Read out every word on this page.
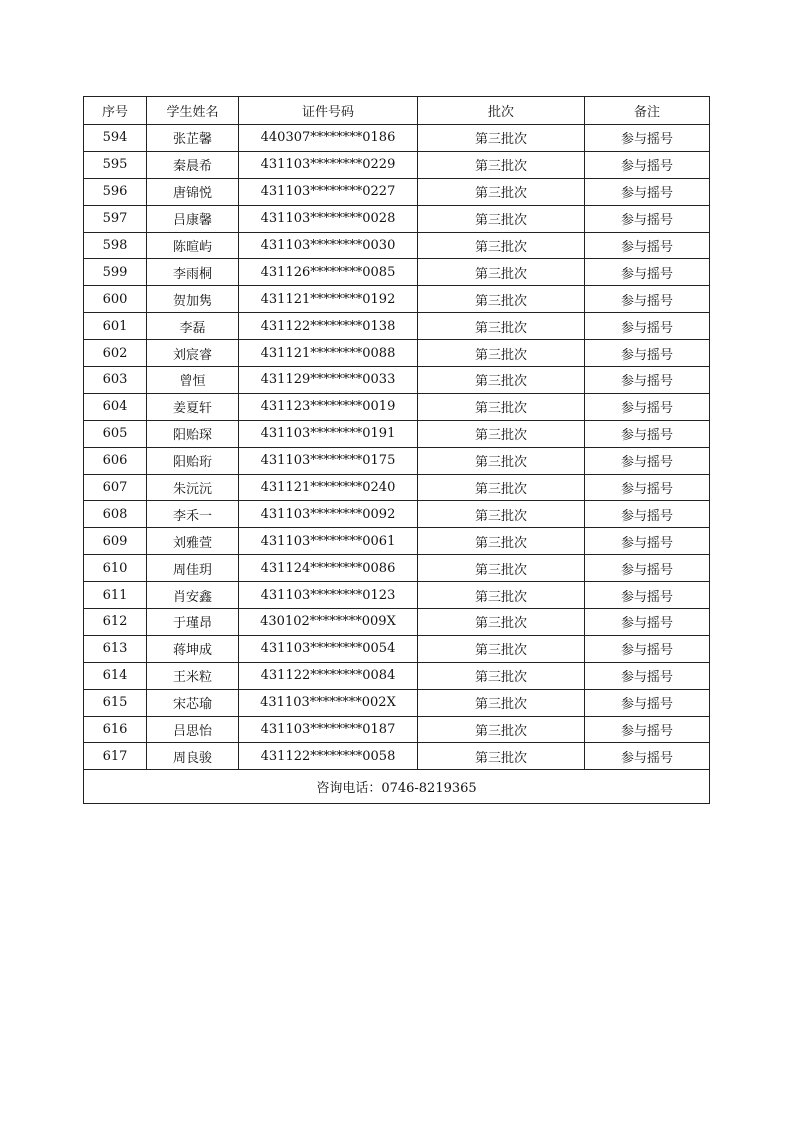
序号	学生姓名	证件号码	批次	备注
594	张芷馨	440307********0186	第三批次	参与摇号
595	秦晨希	431103********0229	第三批次	参与摇号
596	唐锦悦	431103********0227	第三批次	参与摇号
597	吕康馨	431103********0028	第三批次	参与摇号
598	陈暄屿	431103********0030	第三批次	参与摇号
599	李雨桐	431126********0085	第三批次	参与摇号
600	贺加隽	431121********0192	第三批次	参与摇号
601	李磊	431122********0138	第三批次	参与摇号
602	刘宸睿	431121********0088	第三批次	参与摇号
603	曾恒	431129********0033	第三批次	参与摇号
604	姜夏轩	431123********0019	第三批次	参与摇号
605	阳贻琛	431103********0191	第三批次	参与摇号
606	阳贻珩	431103********0175	第三批次	参与摇号
607	朱沅沅	431121********0240	第三批次	参与摇号
608	李禾一	431103********0092	第三批次	参与摇号
609	刘雅萱	431103********0061	第三批次	参与摇号
610	周佳玥	431124********0086	第三批次	参与摇号
611	肖安鑫	431103********0123	第三批次	参与摇号
612	于瑾昂	430102********009X	第三批次	参与摇号
613	蒋坤成	431103********0054	第三批次	参与摇号
614	王米粒	431122********0084	第三批次	参与摇号
615	宋芯瑜	431103********002X	第三批次	参与摇号
616	吕思怡	431103********0187	第三批次	参与摇号
617	周良骏	431122********0058	第三批次	参与摇号
咨询电话：0746-8219365				
